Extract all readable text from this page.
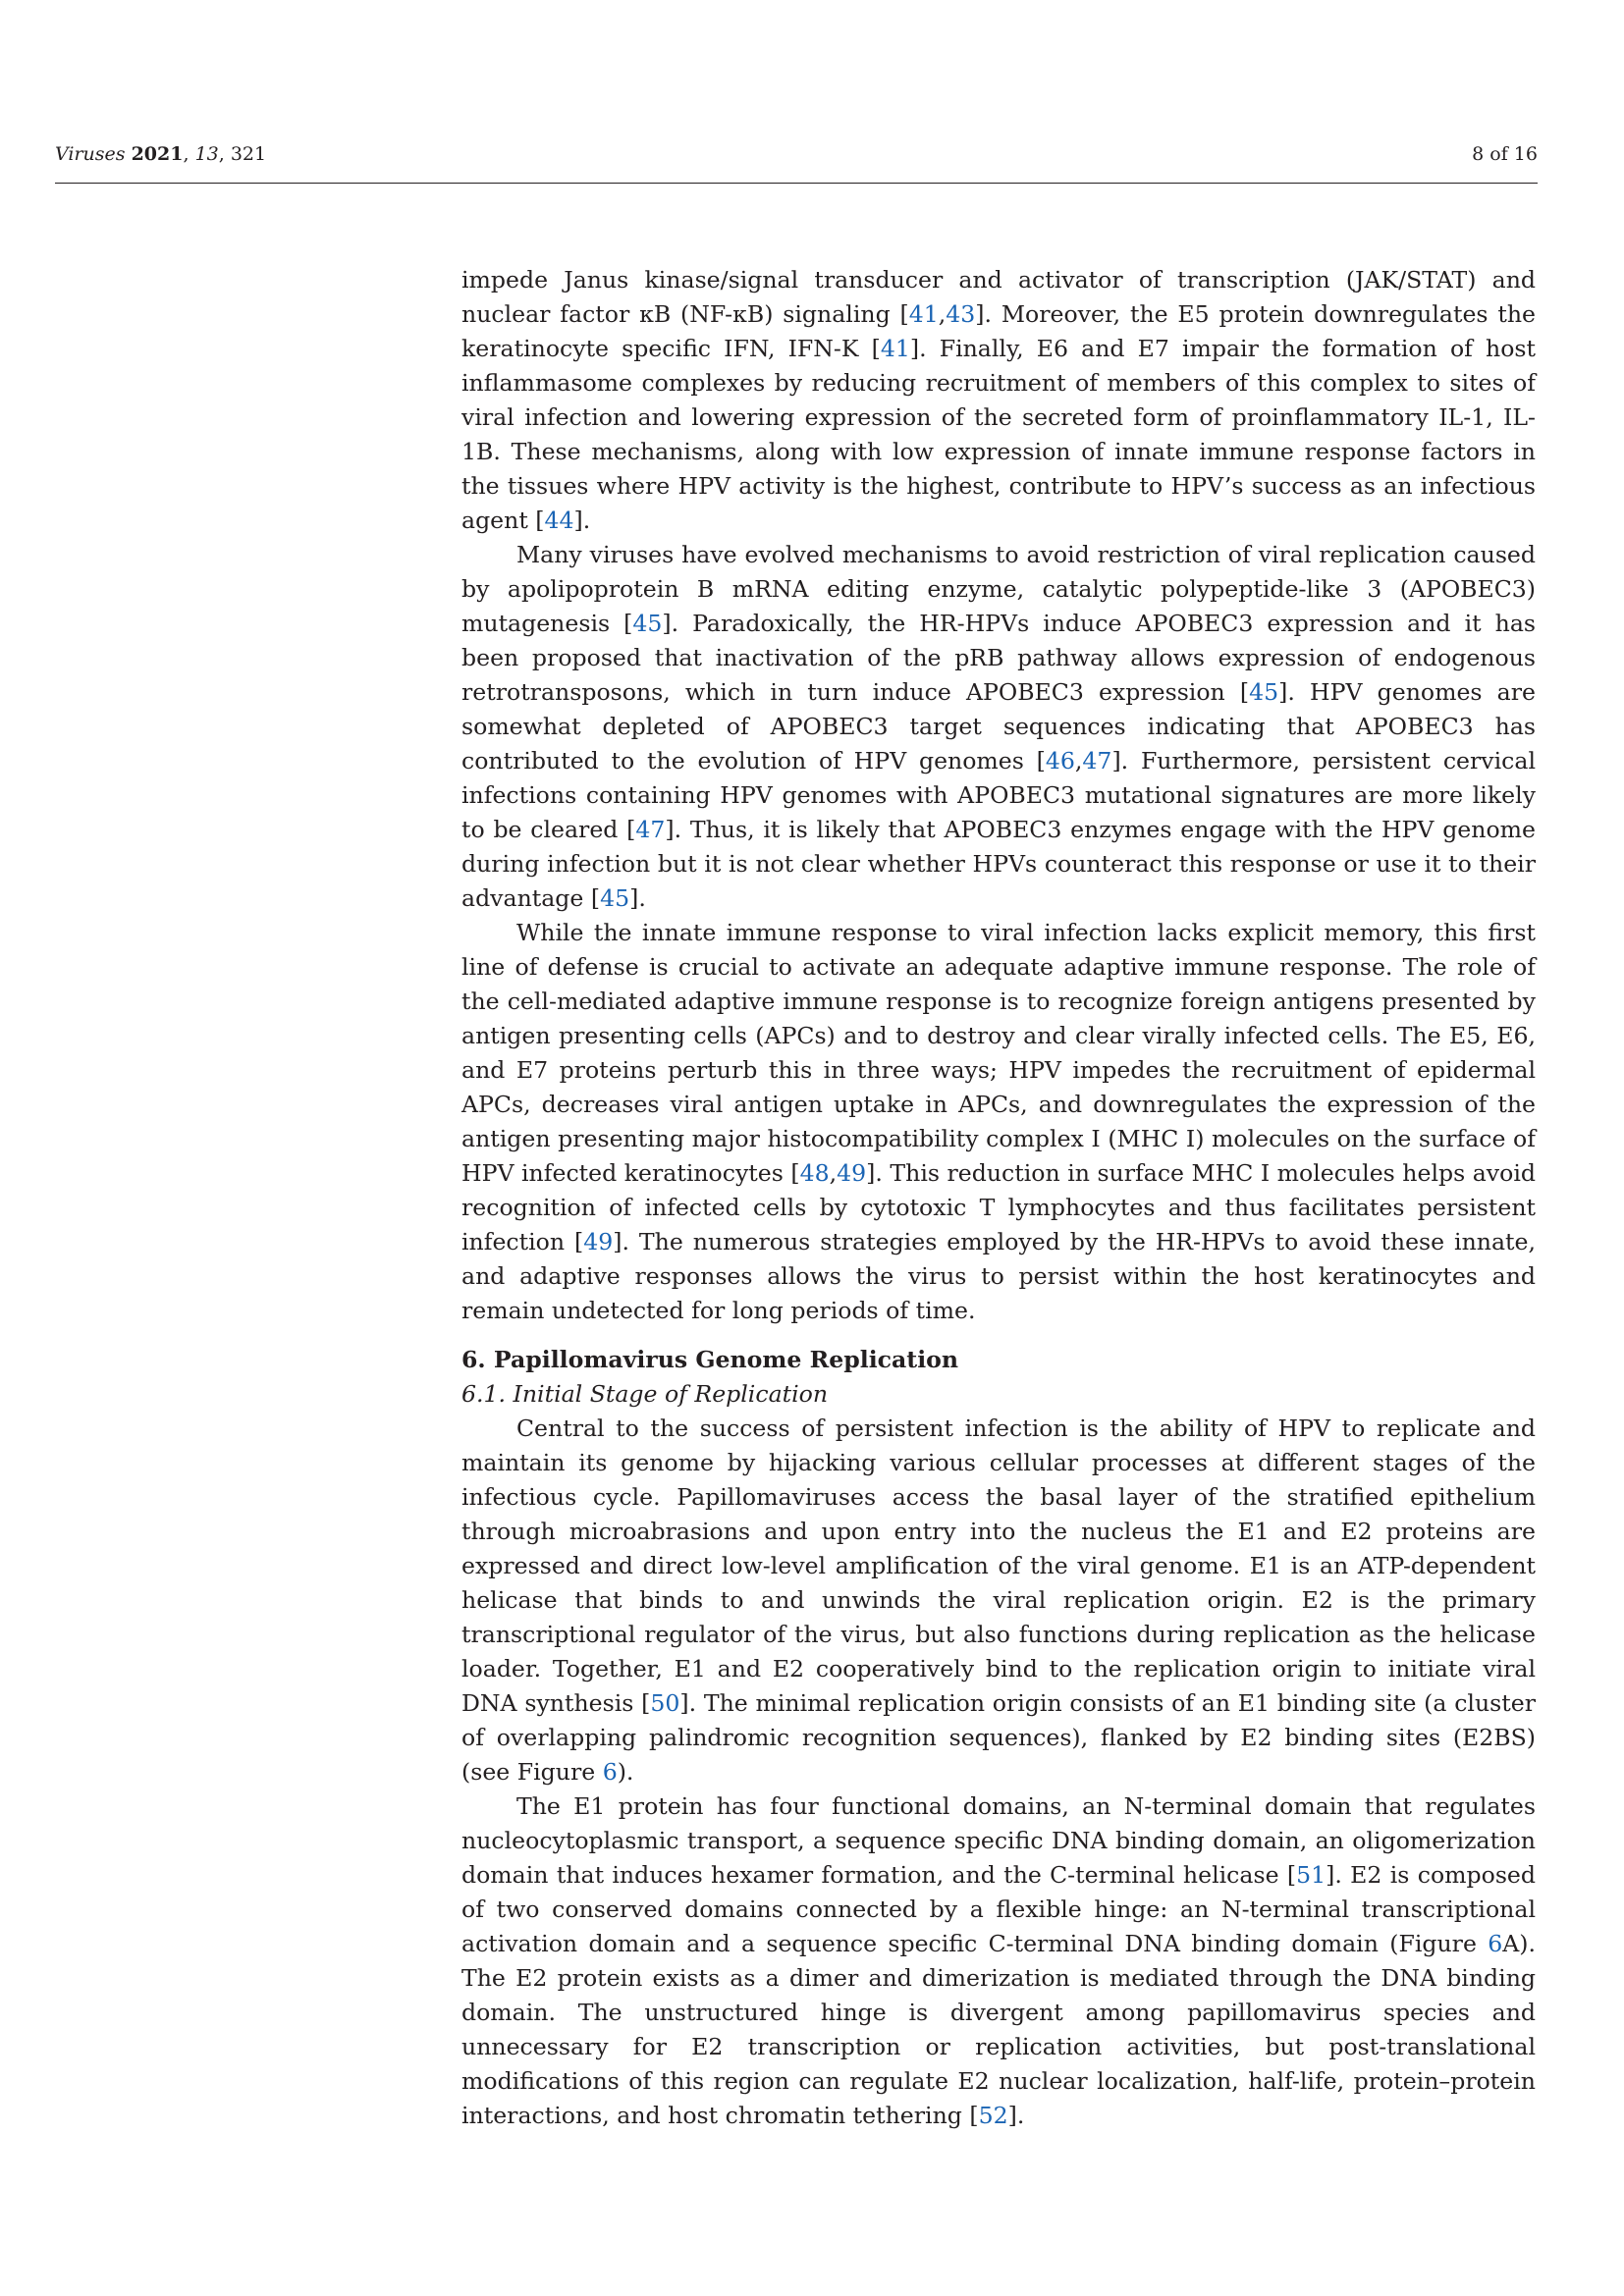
Viruses 2021, 13, 321	8 of 16

impede Janus kinase/signal transducer and activator of transcription (JAK/STAT) and nuclear factor κB (NF-κB) signaling [41,43]. Moreover, the E5 protein downregulates the keratinocyte specific IFN, IFN-K [41]. Finally, E6 and E7 impair the formation of host inflammasome complexes by reducing recruitment of members of this complex to sites of viral infection and lowering expression of the secreted form of proinflammatory IL-1, IL-1B. These mechanisms, along with low expression of innate immune response factors in the tissues where HPV activity is the highest, contribute to HPV’s success as an infectious agent [44].

Many viruses have evolved mechanisms to avoid restriction of viral replication caused by apolipoprotein B mRNA editing enzyme, catalytic polypeptide-like 3 (APOBEC3) mutagenesis [45]. Paradoxically, the HR-HPVs induce APOBEC3 expression and it has been proposed that inactivation of the pRB pathway allows expression of endogenous retrotransposons, which in turn induce APOBEC3 expression [45]. HPV genomes are somewhat depleted of APOBEC3 target sequences indicating that APOBEC3 has contributed to the evolution of HPV genomes [46,47]. Furthermore, persistent cervical infections containing HPV genomes with APOBEC3 mutational signatures are more likely to be cleared [47]. Thus, it is likely that APOBEC3 enzymes engage with the HPV genome during infection but it is not clear whether HPVs counteract this response or use it to their advantage [45].

While the innate immune response to viral infection lacks explicit memory, this first line of defense is crucial to activate an adequate adaptive immune response. The role of the cell-mediated adaptive immune response is to recognize foreign antigens presented by antigen presenting cells (APCs) and to destroy and clear virally infected cells. The E5, E6, and E7 proteins perturb this in three ways; HPV impedes the recruitment of epidermal APCs, decreases viral antigen uptake in APCs, and downregulates the expression of the antigen presenting major histocompatibility complex I (MHC I) molecules on the surface of HPV infected keratinocytes [48,49]. This reduction in surface MHC I molecules helps avoid recognition of infected cells by cytotoxic T lymphocytes and thus facilitates persistent infection [49]. The numerous strategies employed by the HR-HPVs to avoid these innate, and adaptive responses allows the virus to persist within the host keratinocytes and remain undetected for long periods of time.

6. Papillomavirus Genome Replication
6.1. Initial Stage of Replication

Central to the success of persistent infection is the ability of HPV to replicate and maintain its genome by hijacking various cellular processes at different stages of the infectious cycle. Papillomaviruses access the basal layer of the stratified epithelium through microabrasions and upon entry into the nucleus the E1 and E2 proteins are expressed and direct low-level amplification of the viral genome. E1 is an ATP-dependent helicase that binds to and unwinds the viral replication origin. E2 is the primary transcriptional regulator of the virus, but also functions during replication as the helicase loader. Together, E1 and E2 cooperatively bind to the replication origin to initiate viral DNA synthesis [50]. The minimal replication origin consists of an E1 binding site (a cluster of overlapping palindromic recognition sequences), flanked by E2 binding sites (E2BS) (see Figure 6).

The E1 protein has four functional domains, an N-terminal domain that regulates nucleocytoplasmic transport, a sequence specific DNA binding domain, an oligomerization domain that induces hexamer formation, and the C-terminal helicase [51]. E2 is composed of two conserved domains connected by a flexible hinge: an N-terminal transcriptional activation domain and a sequence specific C-terminal DNA binding domain (Figure 6A). The E2 protein exists as a dimer and dimerization is mediated through the DNA binding domain. The unstructured hinge is divergent among papillomavirus species and unnecessary for E2 transcription or replication activities, but post-translational modifications of this region can regulate E2 nuclear localization, half-life, protein–protein interactions, and host chromatin tethering [52].
